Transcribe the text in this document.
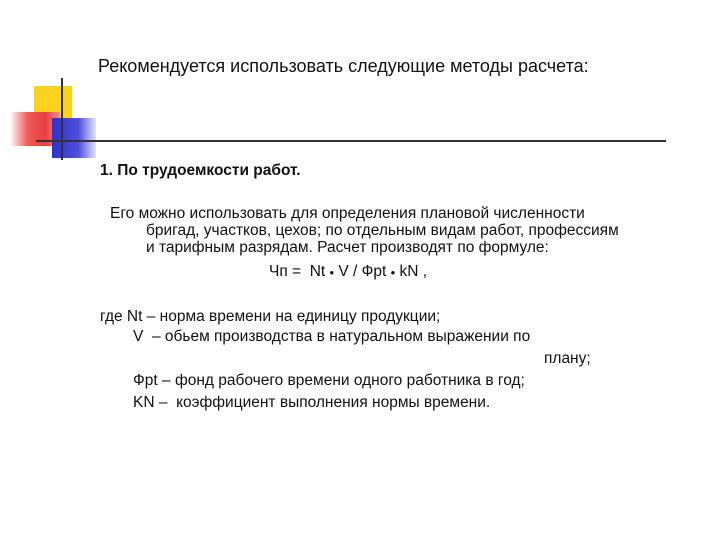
Рекомендуется использовать следующие методы расчета:
1. По трудоемкости работ.
Его можно использовать для определения плановой численности
бригад, участков, цехов; по отдельным видам работ, профессиям
и тарифным разрядам. Расчет производят по формуле:
Чп =  Nt • V / Фpt • kN ,
где Nt – норма времени на единицу продукции;
V  – обьем производства в натуральном выражении по
плану;
Фpt – фонд рабочего времени одного работника в год;
KN –  коэффициент выполнения нормы времени.
